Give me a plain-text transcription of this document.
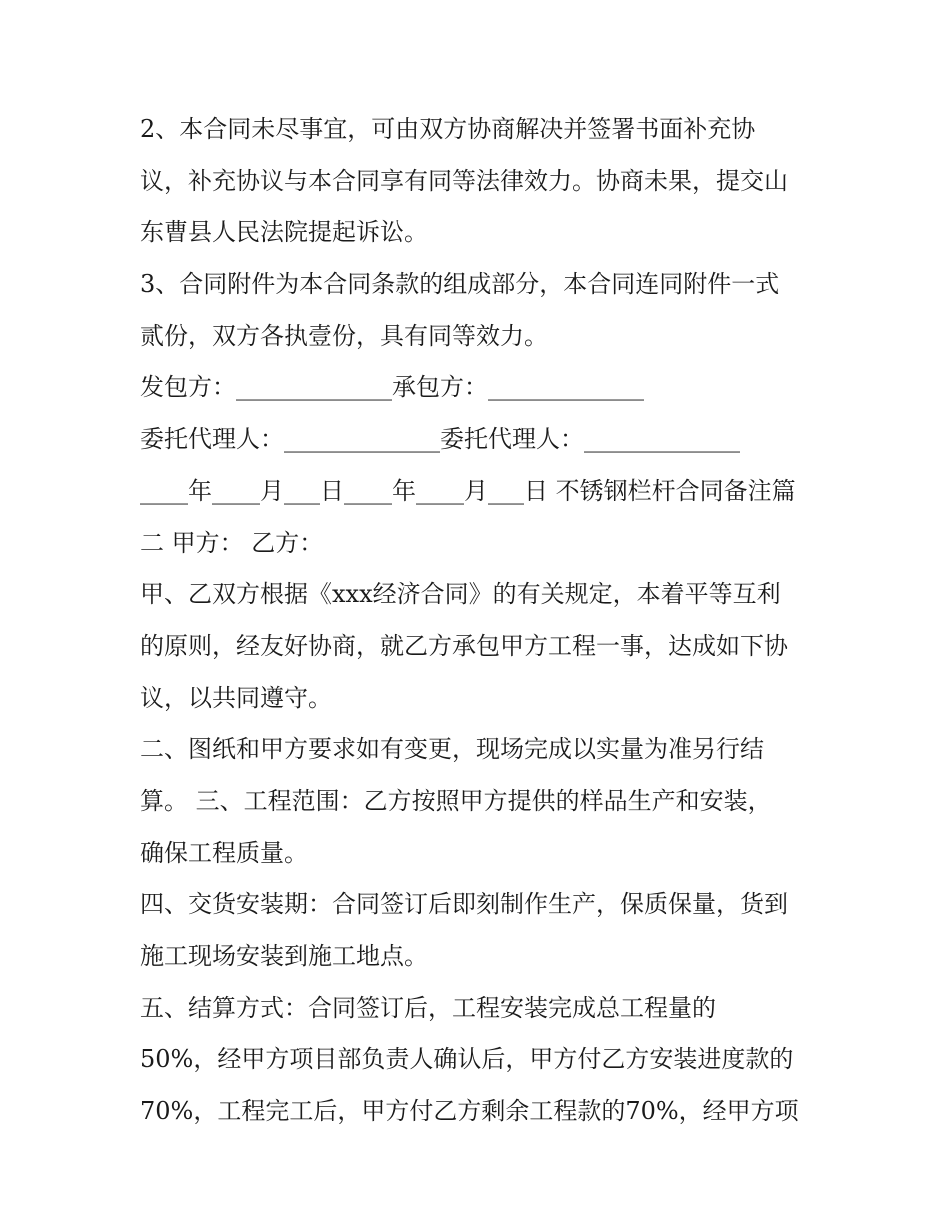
2、本合同未尽事宜，可由双方协商解决并签署书面补充协
议，补充协议与本合同享有同等法律效力。协商未果，提交山
东曹县人民法院提起诉讼。
3、合同附件为本合同条款的组成部分，本合同连同附件一式
贰份，双方各执壹份，具有同等效力。
发包方：_____________承包方：_____________
委托代理人：_____________委托代理人：_____________
____年____月___日____年____月___日 不锈钢栏杆合同备注篇
二 甲方： 乙方：
甲、乙双方根据《xxx经济合同》的有关规定，本着平等互利
的原则，经友好协商，就乙方承包甲方工程一事，达成如下协
议，以共同遵守。
二、图纸和甲方要求如有变更，现场完成以实量为准另行结
算。 三、工程范围：乙方按照甲方提供的样品生产和安装，
确保工程质量。
四、交货安装期：合同签订后即刻制作生产，保质保量，货到
施工现场安装到施工地点。
五、结算方式：合同签订后，工程安装完成总工程量的
50%，经甲方项目部负责人确认后，甲方付乙方安装进度款的
70%，工程完工后，甲方付乙方剩余工程款的70%，经甲方项
